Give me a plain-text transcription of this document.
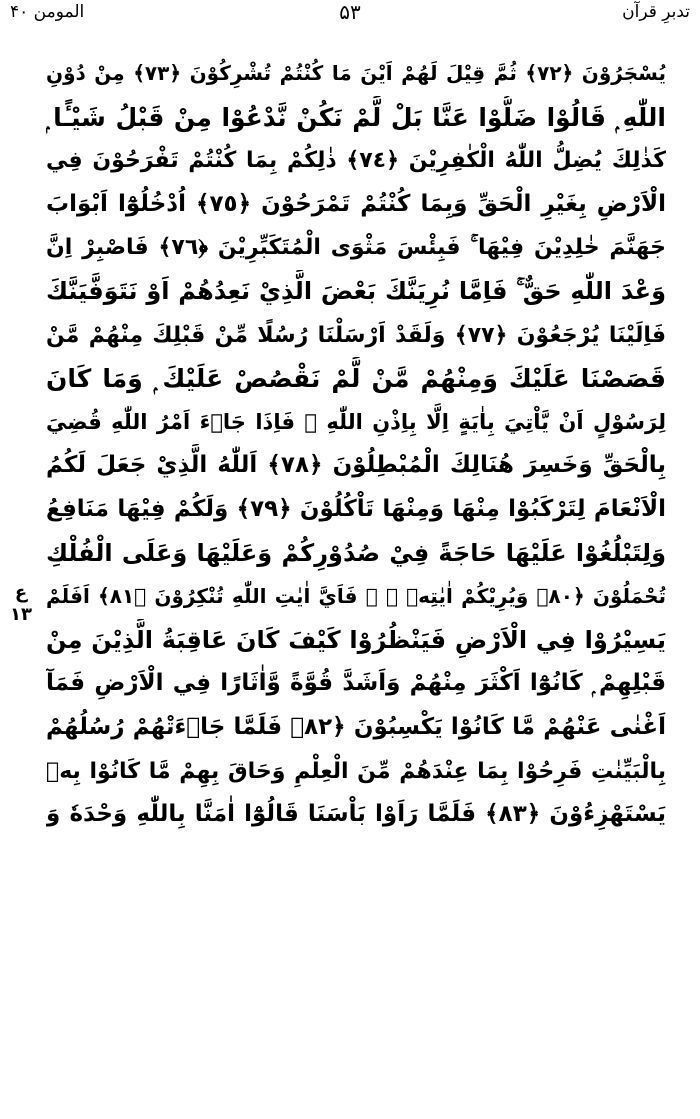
المومن ۴۰	۵۳	تدبرِ قرآن
ع
۱۳
يُسْجَرُوْنَ ﴿٧٢﴾ ثُمَّ قِيْلَ لَهُمْ اَيْنَ مَا كُنْتُمْ تُشْرِكُوْنَ ﴿٧٣﴾ مِنْ دُوْنِ
اللّٰهِ ۭ قَالُوْا ضَلُّوْا عَنَّا بَلْ لَّمْ نَكُنْ نَّدْعُوْا مِنْ قَبْلُ شَيْـًٔا ۭ
كَذٰلِكَ يُضِلُّ اللّٰهُ الْكٰفِرِيْنَ ﴿٧٤﴾ ذٰلِكُمْ بِمَا كُنْتُمْ تَفْرَحُوْنَ فِي
الْاَرْضِ بِغَيْرِ الْحَقِّ وَبِمَا كُنْتُمْ تَمْرَحُوْنَ ﴿٧٥﴾ اُدْخُلُوْٓا اَبْوَابَ
جَهَنَّمَ خٰلِدِيْنَ فِيْهَا ۚ فَبِئْسَ مَثْوَى الْمُتَكَبِّرِيْنَ ﴿٧٦﴾ فَاصْبِرْ اِنَّ
وَعْدَ اللّٰهِ حَقٌّ ۚ فَاِمَّا نُرِيَنَّكَ بَعْضَ الَّذِيْ نَعِدُهُمْ اَوْ نَتَوَفَّيَنَّكَ
فَاِلَيْنَا يُرْجَعُوْنَ ﴿٧٧﴾ وَلَقَدْ اَرْسَلْنَا رُسُلًا مِّنْ قَبْلِكَ مِنْهُمْ مَّنْ
قَصَصْنَا عَلَيْكَ وَمِنْهُمْ مَّنْ لَّمْ نَقْصُصْ عَلَيْكَ ۭ وَمَا كَانَ
لِرَسُوْلٍ اَنْ يَّاْتِيَ بِاٰيَةٍ اِلَّا بِاِذْنِ اللّٰهِ ۚ فَاِذَا جَاۗءَ اَمْرُ اللّٰهِ قُضِيَ
بِالْحَقِّ وَخَسِرَ هُنَالِكَ الْمُبْطِلُوْنَ ﴿٧٨﴾ اَللّٰهُ الَّذِيْ جَعَلَ لَكُمُ
الْاَنْعَامَ لِتَرْكَبُوْا مِنْهَا وَمِنْهَا تَاْكُلُوْنَ ﴿٧٩﴾ وَلَكُمْ فِيْهَا مَنَافِعُ
وَلِتَبْلُغُوْا عَلَيْهَا حَاجَةً فِيْ صُدُوْرِكُمْ وَعَلَيْهَا وَعَلَى الْفُلْكِ
تُحْمَلُوْنَ ﴿٨٠﴾ وَيُرِيْكُمْ اٰيٰتِهٖ ۤ ۖ فَاَيَّ اٰيٰتِ اللّٰهِ تُنْكِرُوْنَ ﴿٨١﴾ اَفَلَمْ
يَسِيْرُوْا فِي الْاَرْضِ فَيَنْظُرُوْا كَيْفَ كَانَ عَاقِبَةُ الَّذِيْنَ مِنْ
قَبْلِهِمْ ۭ كَانُوْٓا اَكْثَرَ مِنْهُمْ وَاَشَدَّ قُوَّةً وَّاٰثَارًا فِي الْاَرْضِ فَمَآ
اَغْنٰى عَنْهُمْ مَّا كَانُوْا يَكْسِبُوْنَ ﴿٨٢﴾ فَلَمَّا جَاۗءَتْهُمْ رُسُلُهُمْ
بِالْبَيِّنٰتِ فَرِحُوْا بِمَا عِنْدَهُمْ مِّنَ الْعِلْمِ وَحَاقَ بِهِمْ مَّا كَانُوْا بِهٖ
يَسْتَهْزِءُوْنَ ﴿٨٣﴾ فَلَمَّا رَاَوْا بَاْسَنَا قَالُوْٓا اٰمَنَّا بِاللّٰهِ وَحْدَهٗ وَ
